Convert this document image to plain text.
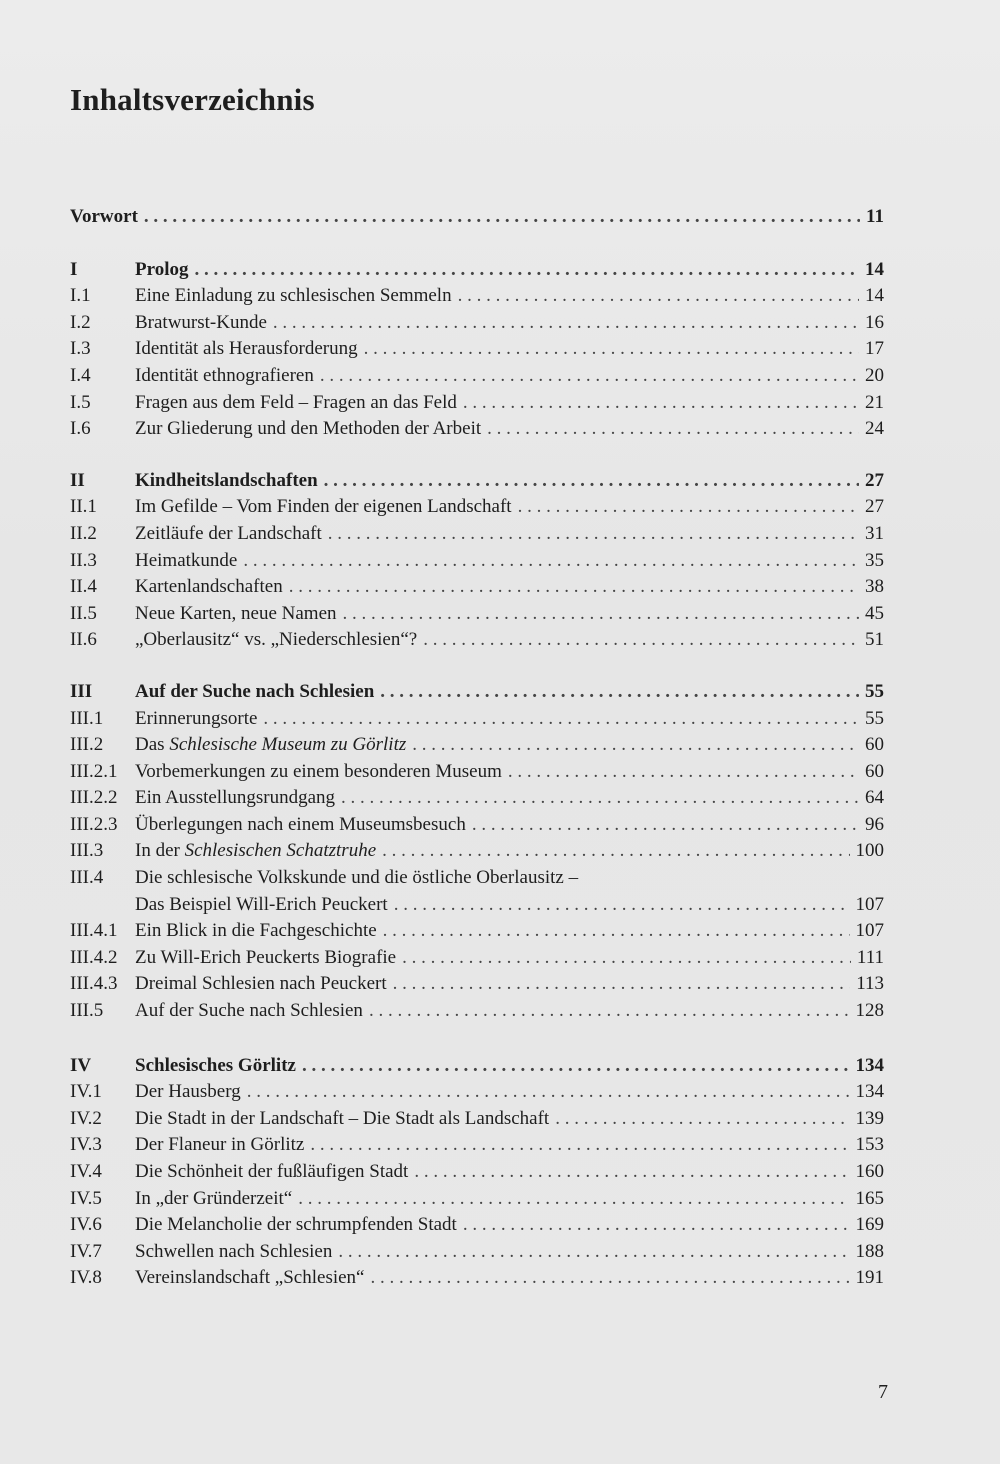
Inhaltsverzeichnis
Vorwort . . .	11
I	Prolog . . .	14
I.1	Eine Einladung zu schlesischen Semmeln . . .	14
I.2	Bratwurst-Kunde . . .	16
I.3	Identität als Herausforderung . . .	17
I.4	Identität ethnografieren . . .	20
I.5	Fragen aus dem Feld – Fragen an das Feld . . .	21
I.6	Zur Gliederung und den Methoden der Arbeit . . .	24
II	Kindheitslandschaften . . .	27
II.1	Im Gefilde – Vom Finden der eigenen Landschaft . . .	27
II.2	Zeitläufe der Landschaft . . .	31
II.3	Heimatkunde . . .	35
II.4	Kartenlandschaften . . .	38
II.5	Neue Karten, neue Namen . . .	45
II.6	„Oberlausitz“ vs. „Niederschlesien“? . . .	51
III	Auf der Suche nach Schlesien . . .	55
III.1	Erinnerungsorte . . .	55
III.2	Das Schlesische Museum zu Görlitz . . .	60
III.2.1 Vorbemerkungen zu einem besonderen Museum . . .	60
III.2.2 Ein Ausstellungsrundgang . . .	64
III.2.3 Überlegungen nach einem Museumsbesuch . . .	96
III.3	In der Schlesischen Schatztruhe . . .	100
III.4	Die schlesische Volkskunde und die östliche Oberlausitz –
Das Beispiel Will-Erich Peuckert . . .	107
III.4.1 Ein Blick in die Fachgeschichte . . .	107
III.4.2 Zu Will-Erich Peuckerts Biografie . . .	111
III.4.3 Dreimal Schlesien nach Peuckert . . .	113
III.5	Auf der Suche nach Schlesien . . .	128
IV	Schlesisches Görlitz . . .	134
IV.1	Der Hausberg . . .	134
IV.2	Die Stadt in der Landschaft – Die Stadt als Landschaft . . .	139
IV.3	Der Flaneur in Görlitz . . .	153
IV.4	Die Schönheit der fußläufigen Stadt . . .	160
IV.5	In „der Gründerzeit“ . . .	165
IV.6	Die Melancholie der schrumpfenden Stadt . . .	169
IV.7	Schwellen nach Schlesien . . .	188
IV.8	Vereinslandschaft „Schlesien“ . . .	191
7
